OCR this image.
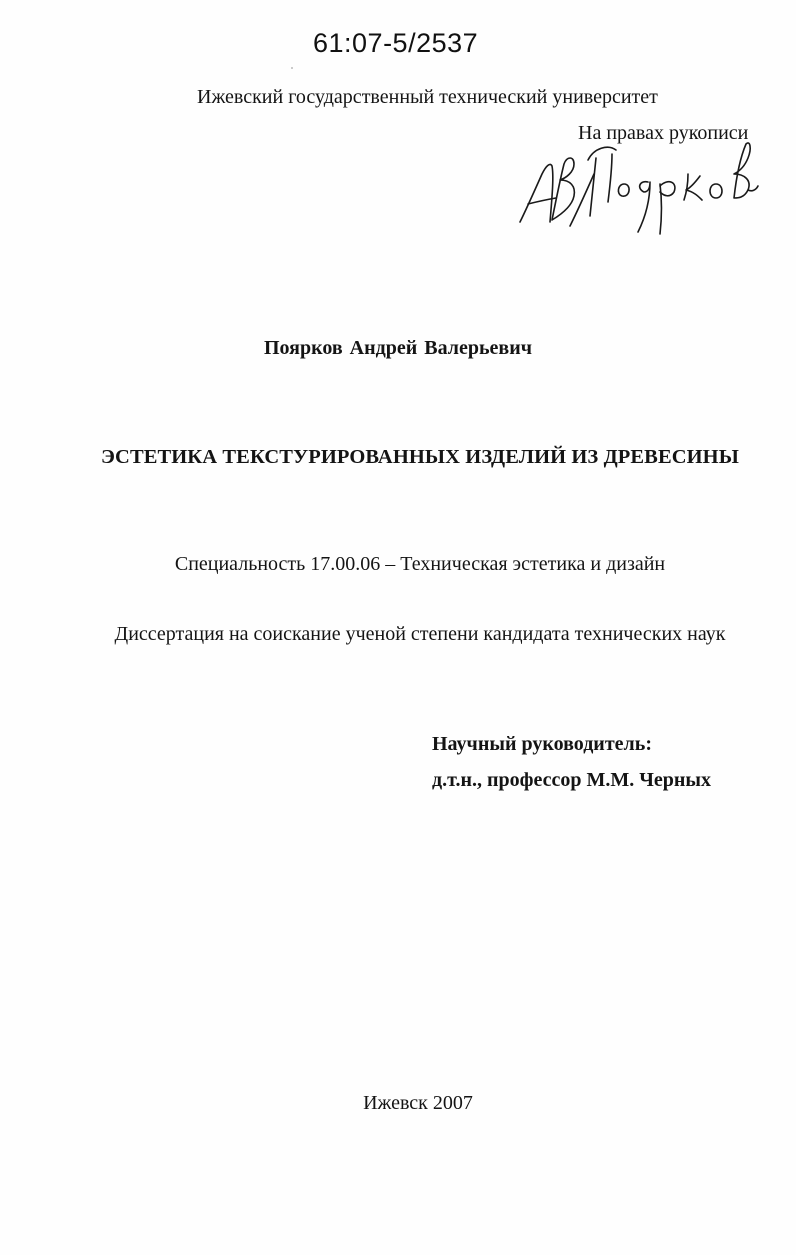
61:07-5/2537
Ижевский государственный технический университет
На правах рукописи
Поярков Андрей Валерьевич
ЭСТЕТИКА ТЕКСТУРИРОВАННЫХ ИЗДЕЛИЙ ИЗ ДРЕВЕСИНЫ
Специальность 17.00.06 – Техническая эстетика и дизайн
Диссертация на соискание ученой степени кандидата технических наук
Научный руководитель:
д.т.н., профессор М.М. Черных
Ижевск 2007
